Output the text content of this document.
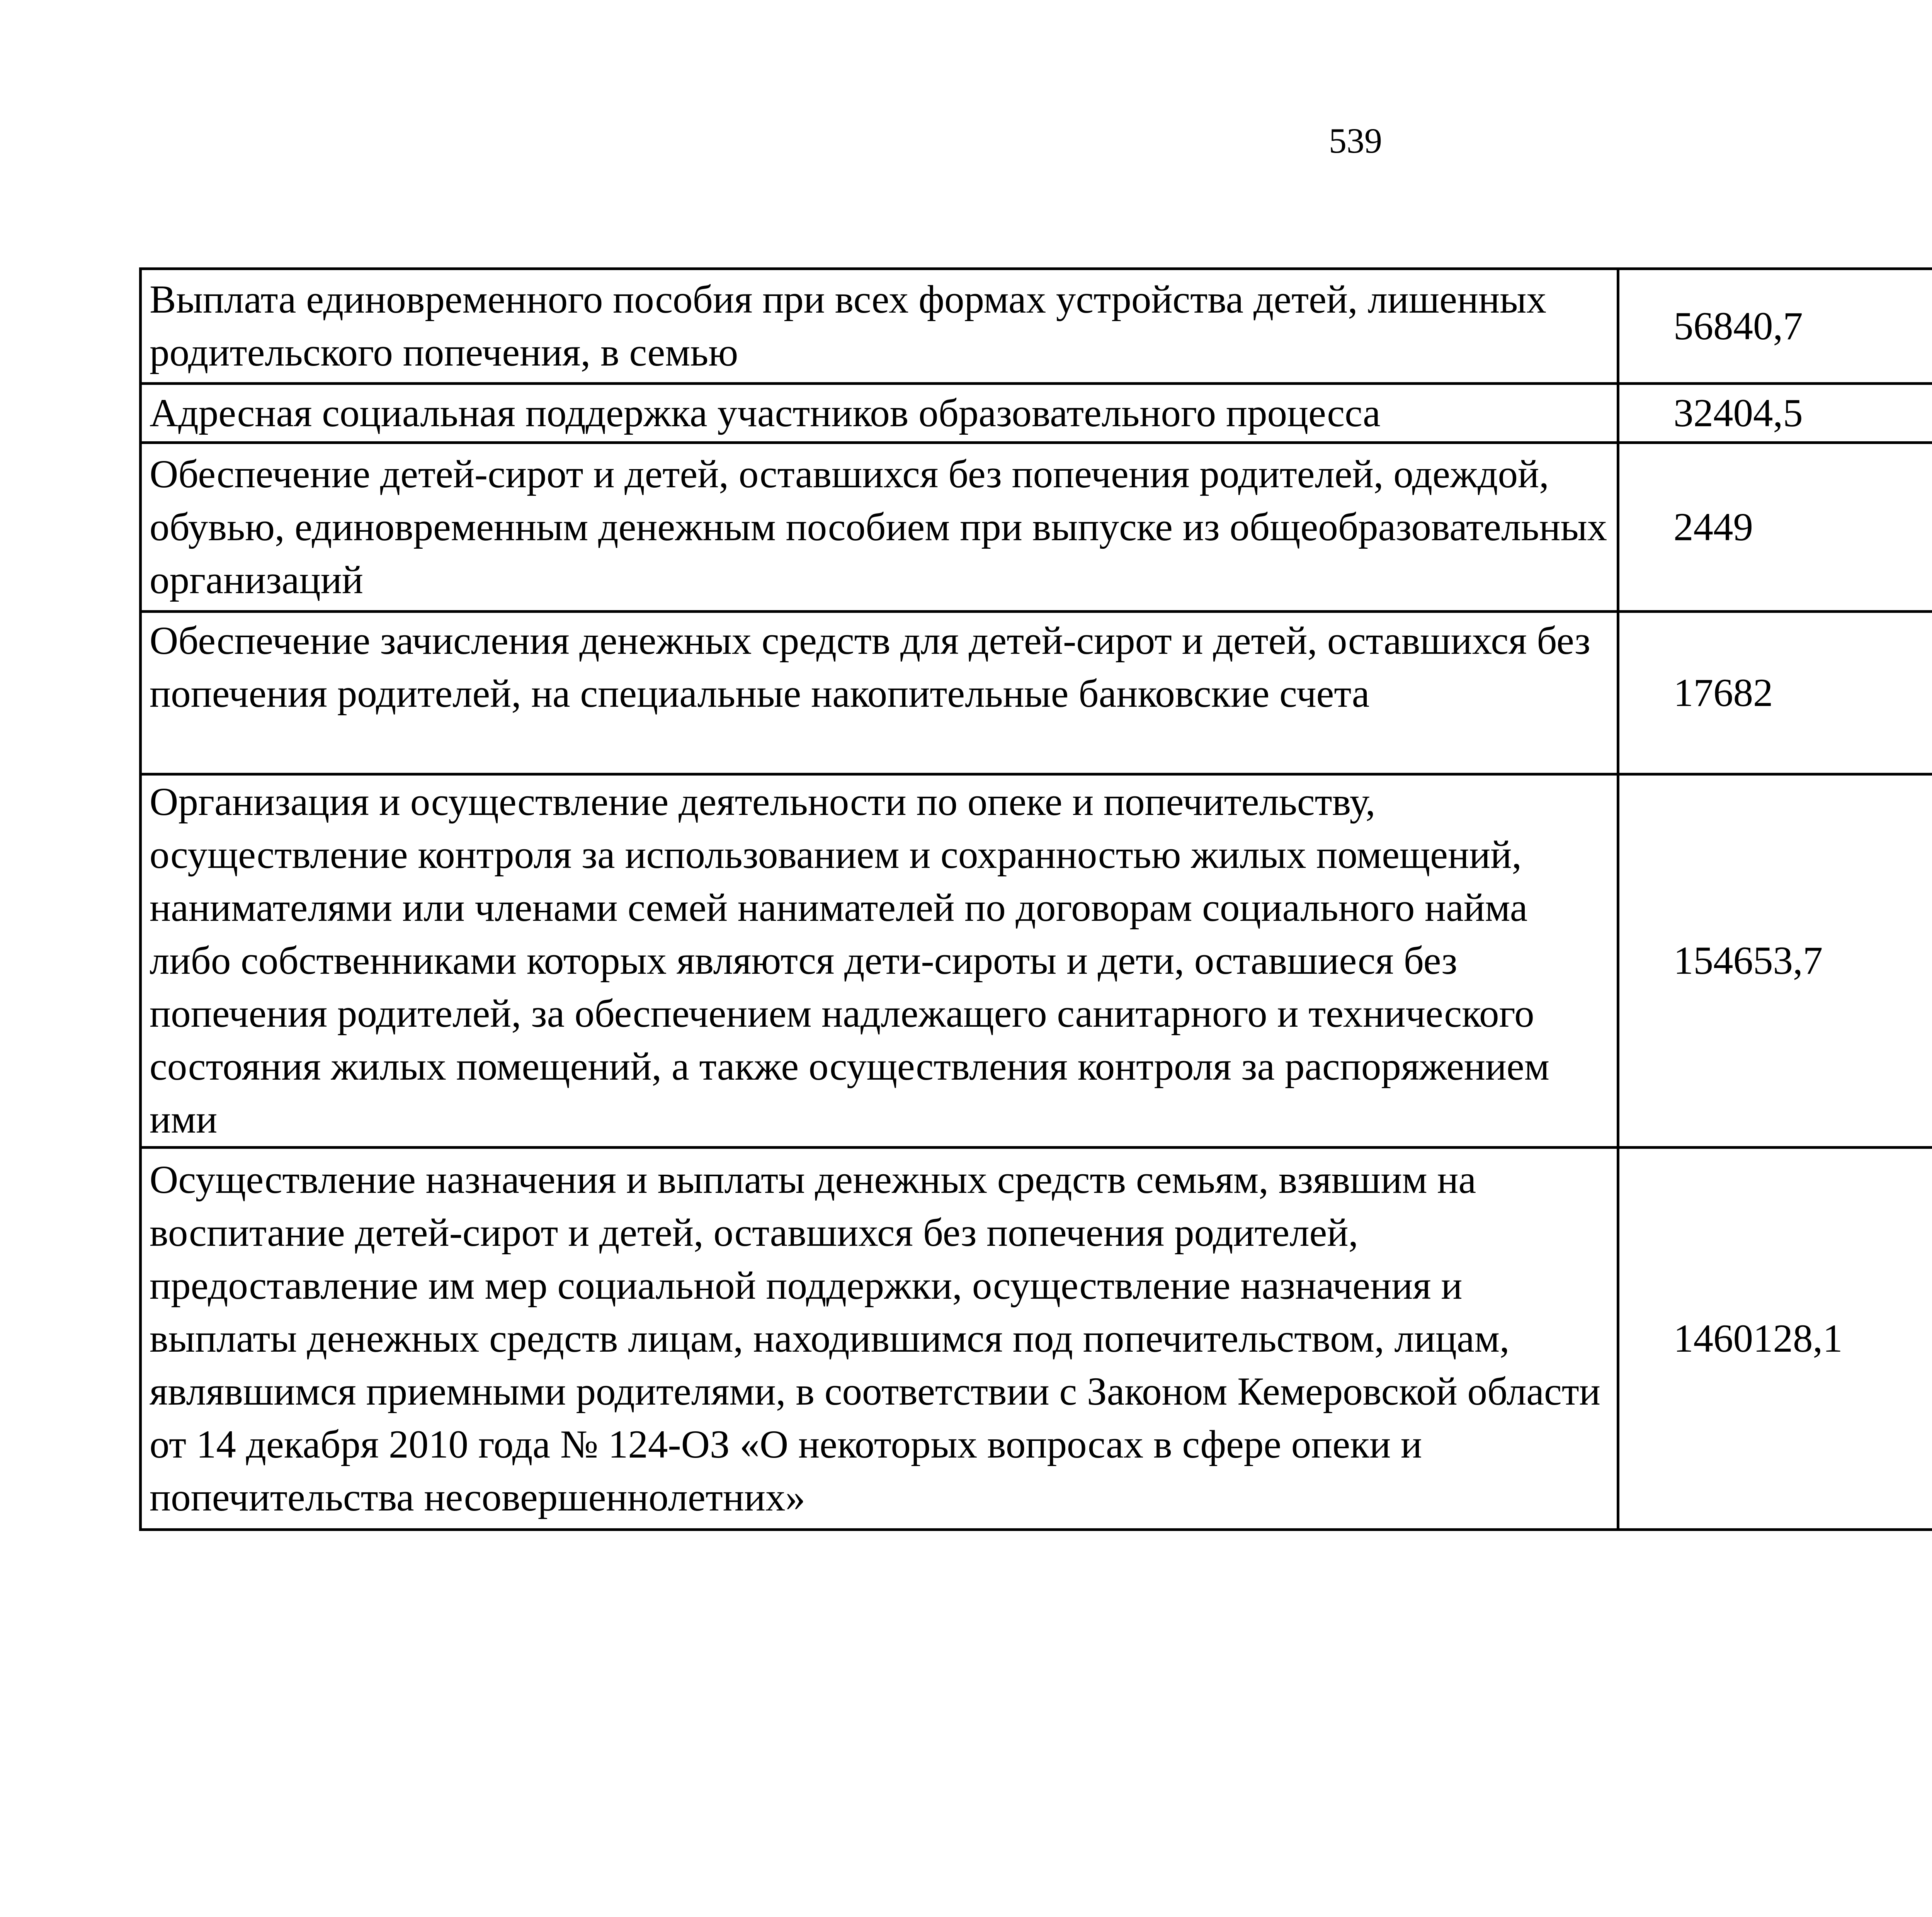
539
Выплата единовременного пособия при всех формах устройства детей, лишенных родительского попечения, в семью	56840,7		
Адресная социальная поддержка участников образовательного процесса	32404,5		
Обеспечение детей-сирот и детей, оставшихся без попечения родителей, одеждой, обувью, единовременным денежным пособием при выпуске из общеобразовательных организаций	2449		
Обеспечение зачисления денежных средств для детей-сирот и детей, оставшихся без попечения родителей, на специальные накопительные банковские счета	17682		
Организация и осуществление деятельности по опеке и попечительству, осуществление контроля за использованием и сохранностью жилых помещений, нанимателями или членами семей нанимателей по договорам социального найма либо собственниками которых являются дети-сироты и дети, оставшиеся без попечения родителей, за обеспечением надлежащего санитарного и технического состояния жилых помещений, а также осуществления контроля за распоряжением ими	154653,7		
Осуществление назначения и выплаты денежных средств семьям, взявшим на воспитание детей-сирот и детей, оставшихся без попечения родителей, предоставление им мер социальной поддержки, осуществление назначения и выплаты денежных средств лицам, находившимся под попечительством, лицам, являвшимся приемными родителями, в соответствии с Законом Кемеровской области от 14 декабря 2010 года № 124-ОЗ «О некоторых вопросах в сфере опеки и попечительства несовершеннолетних»	1460128,1		
